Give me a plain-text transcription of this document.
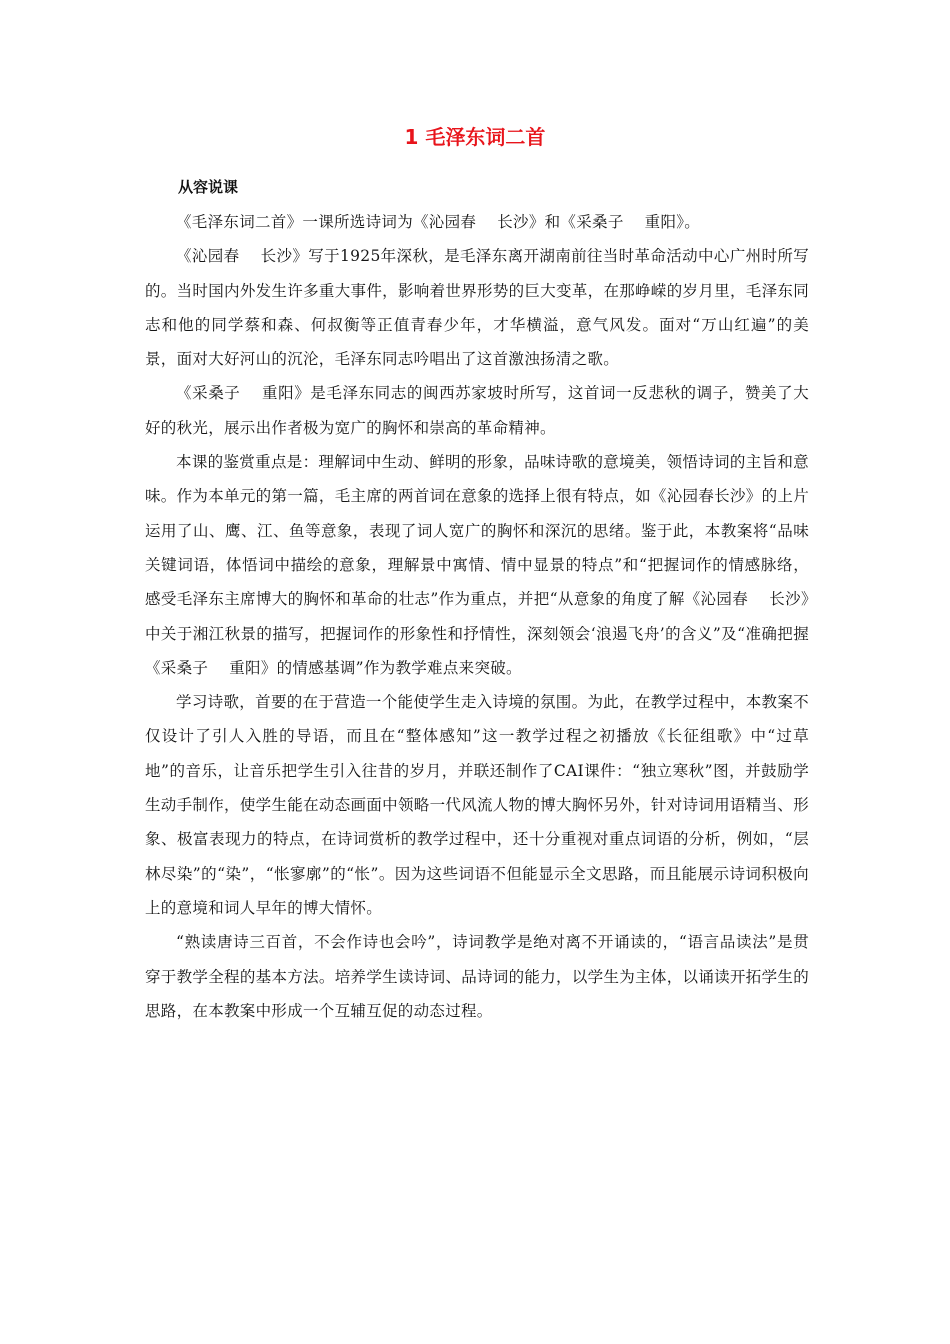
1 毛泽东词二首
从容说课

《毛泽东词二首》一课所选诗词为《沁园春　 长沙》和《采桑子　 重阳》。

《沁园春　 长沙》写于1925年深秋，是毛泽东离开湖南前往当时革命活动中心广州时所写的。当时国内外发生许多重大事件，影响着世界形势的巨大变革，在那峥嵘的岁月里，毛泽东同志和他的同学蔡和森、何叔衡等正值青春少年，才华横溢，意气风发。面对“万山红遍”的美景，面对大好河山的沉沦，毛泽东同志吟唱出了这首激浊扬清之歌。

《采桑子　 重阳》是毛泽东同志的闽西苏家坡时所写，这首词一反悲秋的调子，赞美了大好的秋光，展示出作者极为宽广的胸怀和崇高的革命精神。

本课的鉴赏重点是：理解词中生动、鲜明的形象，品味诗歌的意境美，领悟诗词的主旨和意味。作为本单元的第一篇，毛主席的两首词在意象的选择上很有特点，如《沁园春长沙》的上片运用了山、鹰、江、鱼等意象，表现了词人宽广的胸怀和深沉的思绪。鉴于此，本教案将“品味关键词语，体悟词中描绘的意象，理解景中寓情、情中显景的特点”和“把握词作的情感脉络，感受毛泽东主席博大的胸怀和革命的壮志”作为重点，并把“从意象的角度了解《沁园春　 长沙》中关于湘江秋景的描写，把握词作的形象性和抒情性，深刻领会‘浪遏飞舟’的含义”及“准确把握《采桑子　 重阳》的情感基调”作为教学难点来突破。

学习诗歌，首要的在于营造一个能使学生走入诗境的氛围。为此，在教学过程中，本教案不仅设计了引人入胜的导语，而且在“整体感知”这一教学过程之初播放《长征组歌》中“过草地”的音乐，让音乐把学生引入往昔的岁月，并联还制作了CAI课件：“独立寒秋”图，并鼓励学生动手制作，使学生能在动态画面中领略一代风流人物的博大胸怀另外，针对诗词用语精当、形象、极富表现力的特点，在诗词赏析的教学过程中，还十分重视对重点词语的分析，例如，“层林尽染”的“染”，“怅寥廓”的“怅”。因为这些词语不但能显示全文思路，而且能展示诗词积极向上的意境和词人早年的博大情怀。

“熟读唐诗三百首，不会作诗也会吟”，诗词教学是绝对离不开诵读的，“语言品读法”是贯穿于教学全程的基本方法。培养学生读诗词、品诗词的能力，以学生为主体，以诵读开拓学生的思路，在本教案中形成一个互辅互促的动态过程。
